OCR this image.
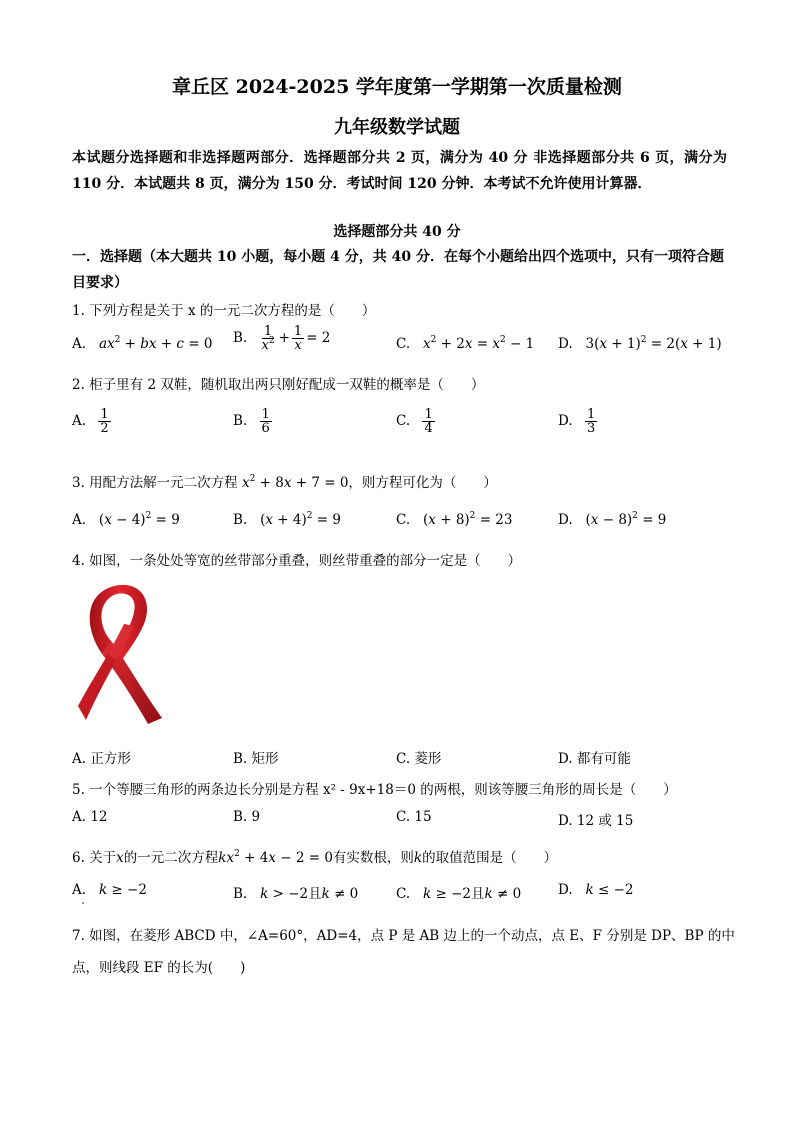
章丘区 2024-2025 学年度第一学期第一次质量检测
九年级数学试题
本试题分选择题和非选择题两部分．选择题部分共 2 页，满分为 40 分 非选择题部分共 6 页，满分为 110 分．本试题共 8 页，满分为 150 分．考试时间 120 分钟．本考试不允许使用计算器．
选择题部分共 40 分
一．选择题（本大题共 10 小题，每小题 4 分，共 40 分．在每个小题给出四个选项中，只有一项符合题目要求）
1. 下列方程是关于 x 的一元二次方程的是（　　）
A. $ax^2$ + bx + c = 0 B. $\frac{1}{x^2} + \frac{1}{x} = 2$	C. $x^2 + 2x = x^2 - 1$ D.   $3(x + 1)^2 = 2(x + 1)$
2. 柜子里有 2 双鞋，随机取出两只刚好配成一双鞋的概率是（　　）
A. $\frac{1}{2}$	B. $\frac{1}{6}$	C. $\frac{1}{4}$	D. $\frac{1}{3}$
3. 用配方法解一元二次方程 $x^2 + 8x + 7 = 0$，则方程可化为（　　）
A.   $(x - 4)^2 = 9$	B.   $(x + 4)^2 = 9$	C.   $(x + 8)^2 = 23$	D.   $(x - 8)^2 = 9$
4. 如图，一条处处等宽的丝带部分重叠，则丝带重叠的部分一定是（　　）
A. 正方形	B. 矩形	C. 菱形	D. 都有可能
5. 一个等腰三角形的两条边长分别是方程 x² - 9x+18＝0 的两根，则该等腰三角形的周长是（　　）
A. 12	B. 9	C. 15	D. 12 或 15
6. 关于x的一元二次方程$kx^2 + 4x - 2 = 0$有实数根，则k的取值范围是（　　）
A. k ≥ −2	B. k > −2且k ≠ 0	C. k ≥ −2且k ≠ 0	D. k ≤ −2
7. 如图，在菱形 ABCD 中，∠A=60°，AD=4，点 P 是 AB 边上的一个动点，点 E、F 分别是 DP、BP 的中
点，则线段 EF 的长为(　　)
